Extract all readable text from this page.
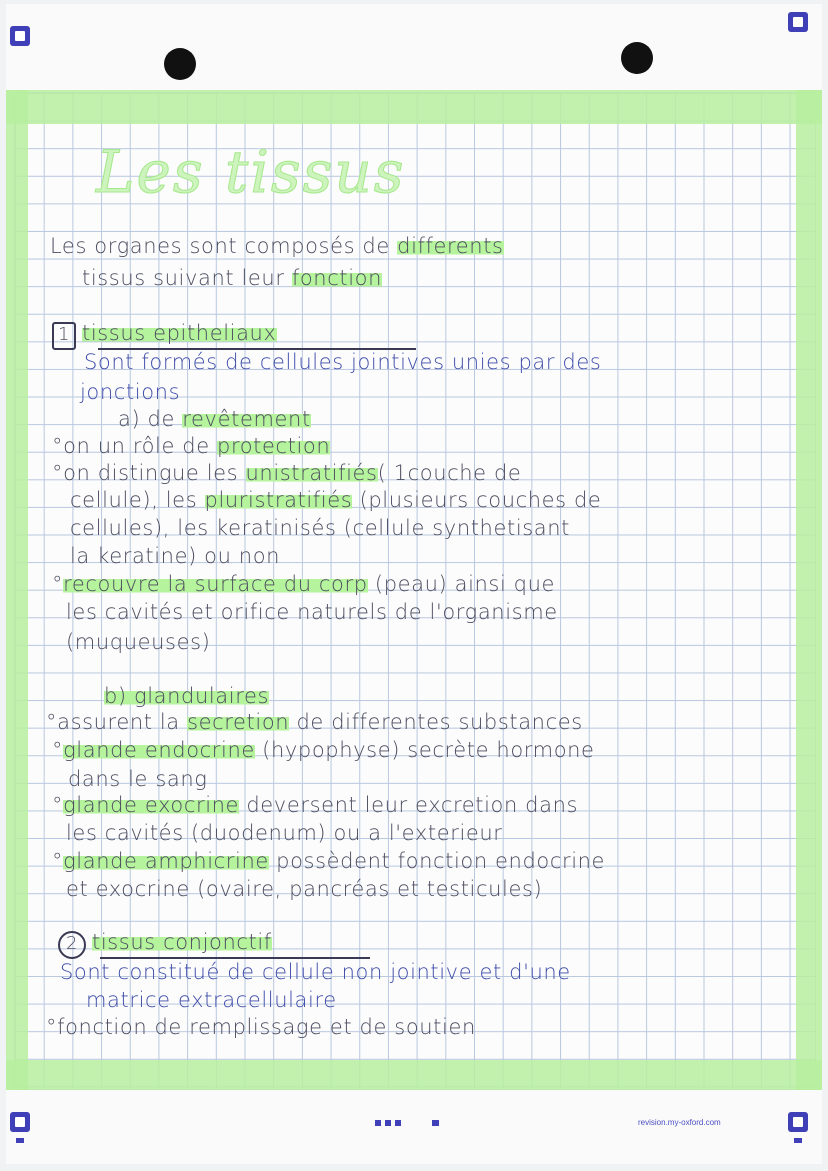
revision.my-oxford.com
Les tissus
Les organes sont composés de differents
tissus suivant leur fonction
1 tissus epitheliaux
Sont formés de cellules jointives unies par des
jonctions
a) de revêtement
°on un rôle de protection
°on distingue les unistratifiés( 1couche de
cellule), les pluristratifiés (plusieurs couches de
cellules), les keratinisés (cellule synthetisant
la keratine) ou non
°recouvre la surface du corp (peau) ainsi que
les cavités et orifice naturels de l'organisme
(muqueuses)
b) glandulaires
°assurent la secretion de differentes substances
°glande endocrine (hypophyse) secrète hormone
dans le sang
°glande exocrine deversent leur excretion dans
les cavités (duodenum) ou a l'exterieur
°glande amphicrine possèdent fonction endocrine
et exocrine (ovaire, pancréas et testicules)
2 tissus conjonctif
Sont constitué de cellule non jointive et d'une
matrice extracellulaire
°fonction de remplissage et de soutien
